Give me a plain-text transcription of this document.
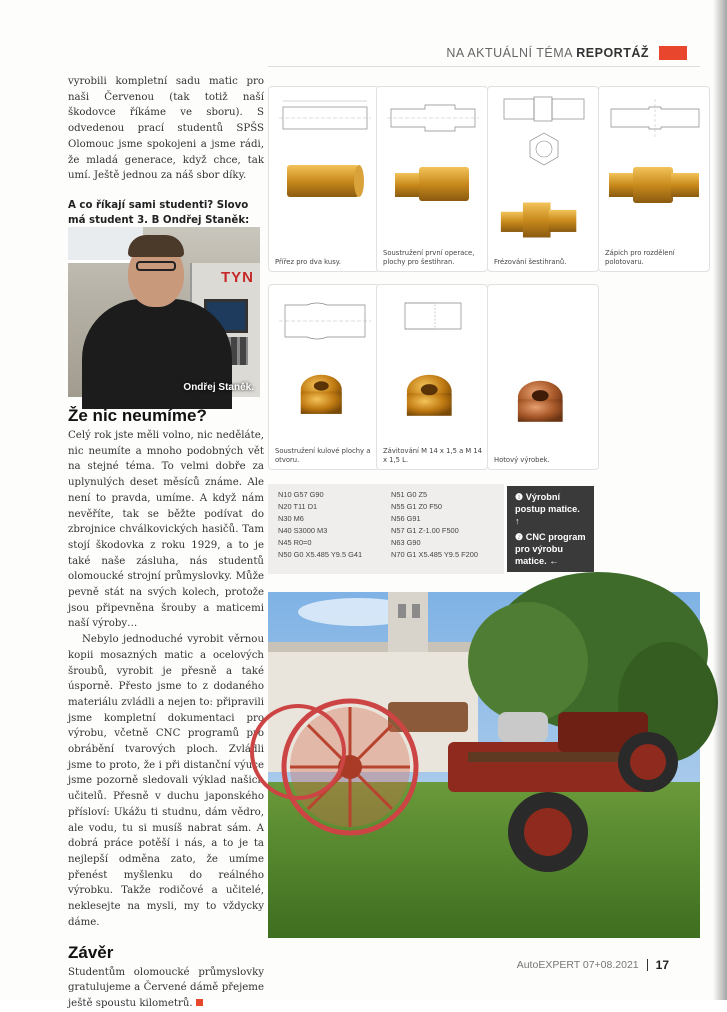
NA AKTUÁLNÍ TÉMA REPORTÁŽ

vyrobili kompletní sadu matic pro naši Červenou (tak totiž naší škodovce říkáme ve sboru). S odvedenou prací studentů SPŠS Olomouc jsme spokojeni a jsme rádi, že mladá generace, když chce, tak umí. Ještě jednou za náš sbor díky.

A co říkají sami studenti? Slovo má student 3. B Ondřej Staněk:

TYN
Ondřej Staněk.
Že nic neumíme?

Celý rok jste měli volno, nic neděláte, nic neumíte a mnoho podobných vět na stejné téma. To velmi dobře za uplynulých deset měsíců známe. Ale není to pravda, umíme. A když nám nevěříte, tak se běžte podívat do zbrojnice chválkovických hasičů. Tam stojí škodovka z roku 1929, a to je také naše zásluha, nás studentů olomoucké strojní průmyslovky. Může pevně stát na svých kolech, protože jsou připevněna šrouby a maticemi naší výroby…

Nebylo jednoduché vyrobit věrnou kopii mosazných matic a ocelových šroubů, vyrobit je přesně a také úsporně. Přesto jsme to z dodaného materiálu zvládli a nejen to: připravili jsme kompletní dokumentaci pro výrobu, včetně CNC programů pro obrábění tvarových ploch. Zvládli jsme to proto, že i při distanční výuce jsme pozorně sledovali výklad našich učitelů. Přesně v duchu japonského přísloví: Ukážu ti studnu, dám vědro, ale vodu, tu si musíš nabrat sám. A dobrá práce potěší i nás, a to je ta nejlepší odměna zato, že umíme přenést myšlenku do reálného výrobku. Takže rodičové a učitelé, neklesejte na mysli, my to vždycky dáme.

Závěr

Studentům olomoucké průmyslovky gratulujeme a Červené dámě přejeme ještě spoustu kilometrů.

Přířez pro dva kusy.
Soustružení první operace, plochy pro šestihran.	Frézování šestihranů.
Zápich pro rozdělení polotovaru.
Soustružení kulové plochy a otvoru.
Závitování M 14 x 1,5 a M 14 x 1,5 L.	Hotový výrobek.
N10 G57 G90
N20 T11 D1
N30 M6
N40 S3000 M3
N45 R0=0
N50 G0 X5.485 Y9.5 G41
N51 G0 Z5
N55 G1 Z0 F50
N56 G91
N57 G1 Z-1.00 F500
N63 G90
N70 G1 X5.485 Y9.5 F200
❶ Výrobní postup matice. ↑
❷ CNC program pro výrobu matice. ←
AutoEXPERT 07+08.2021 17
